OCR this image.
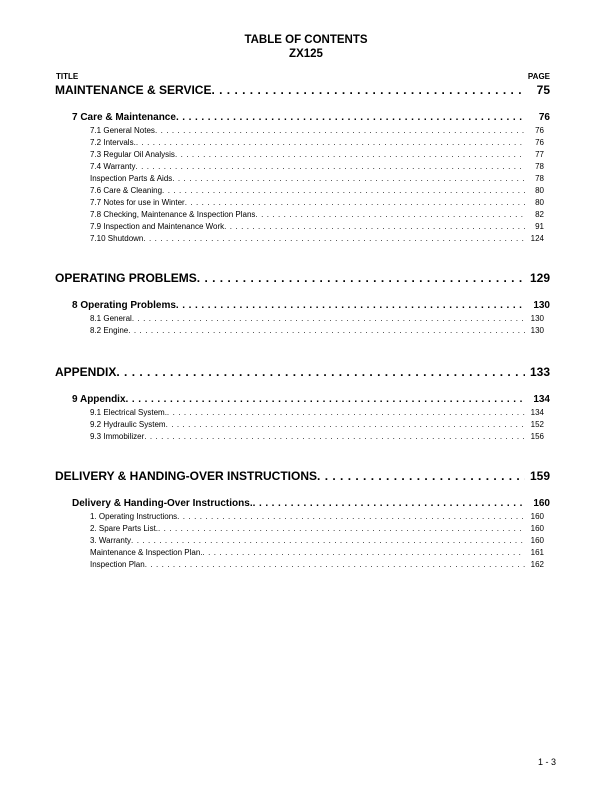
TABLE OF CONTENTS
ZX125
TITLE	PAGE
MAINTENANCE & SERVICE . . .	75
7 Care & Maintenance . . .	76
7.1 General Notes . . .	76
7.2 Intervals. . . .	76
7.3 Regular Oil Analysis . . .	77
7.4 Warranty . . .	78
Inspection Parts & Aids . . .	78
7.6 Care & Cleaning . . .	80
7.7 Notes for use in Winter . . .	80
7.8 Checking, Maintenance & Inspection Plans . . .	82
7.9 Inspection and Maintenance Work . . .	91
7.10 Shutdown . . .	124
OPERATING PROBLEMS . . .	129
8 Operating Problems . . .	130
8.1 General . . .	130
8.2 Engine . . .	130
APPENDIX . . .	133
9 Appendix . . .	134
9.1 Electrical System. . . .	134
9.2 Hydraulic System . . .	152
9.3 Immobilizer . . .	156
DELIVERY & HANDING-OVER INSTRUCTIONS . . .	159
Delivery & Handing-Over Instructions. . . .	160
1. Operating Instructions . . .	160
2. Spare Parts List. . . .	160
3. Warranty . . .	160
Maintenance & Inspection Plan. . . .	161
Inspection Plan . . .	162
1 - 3
